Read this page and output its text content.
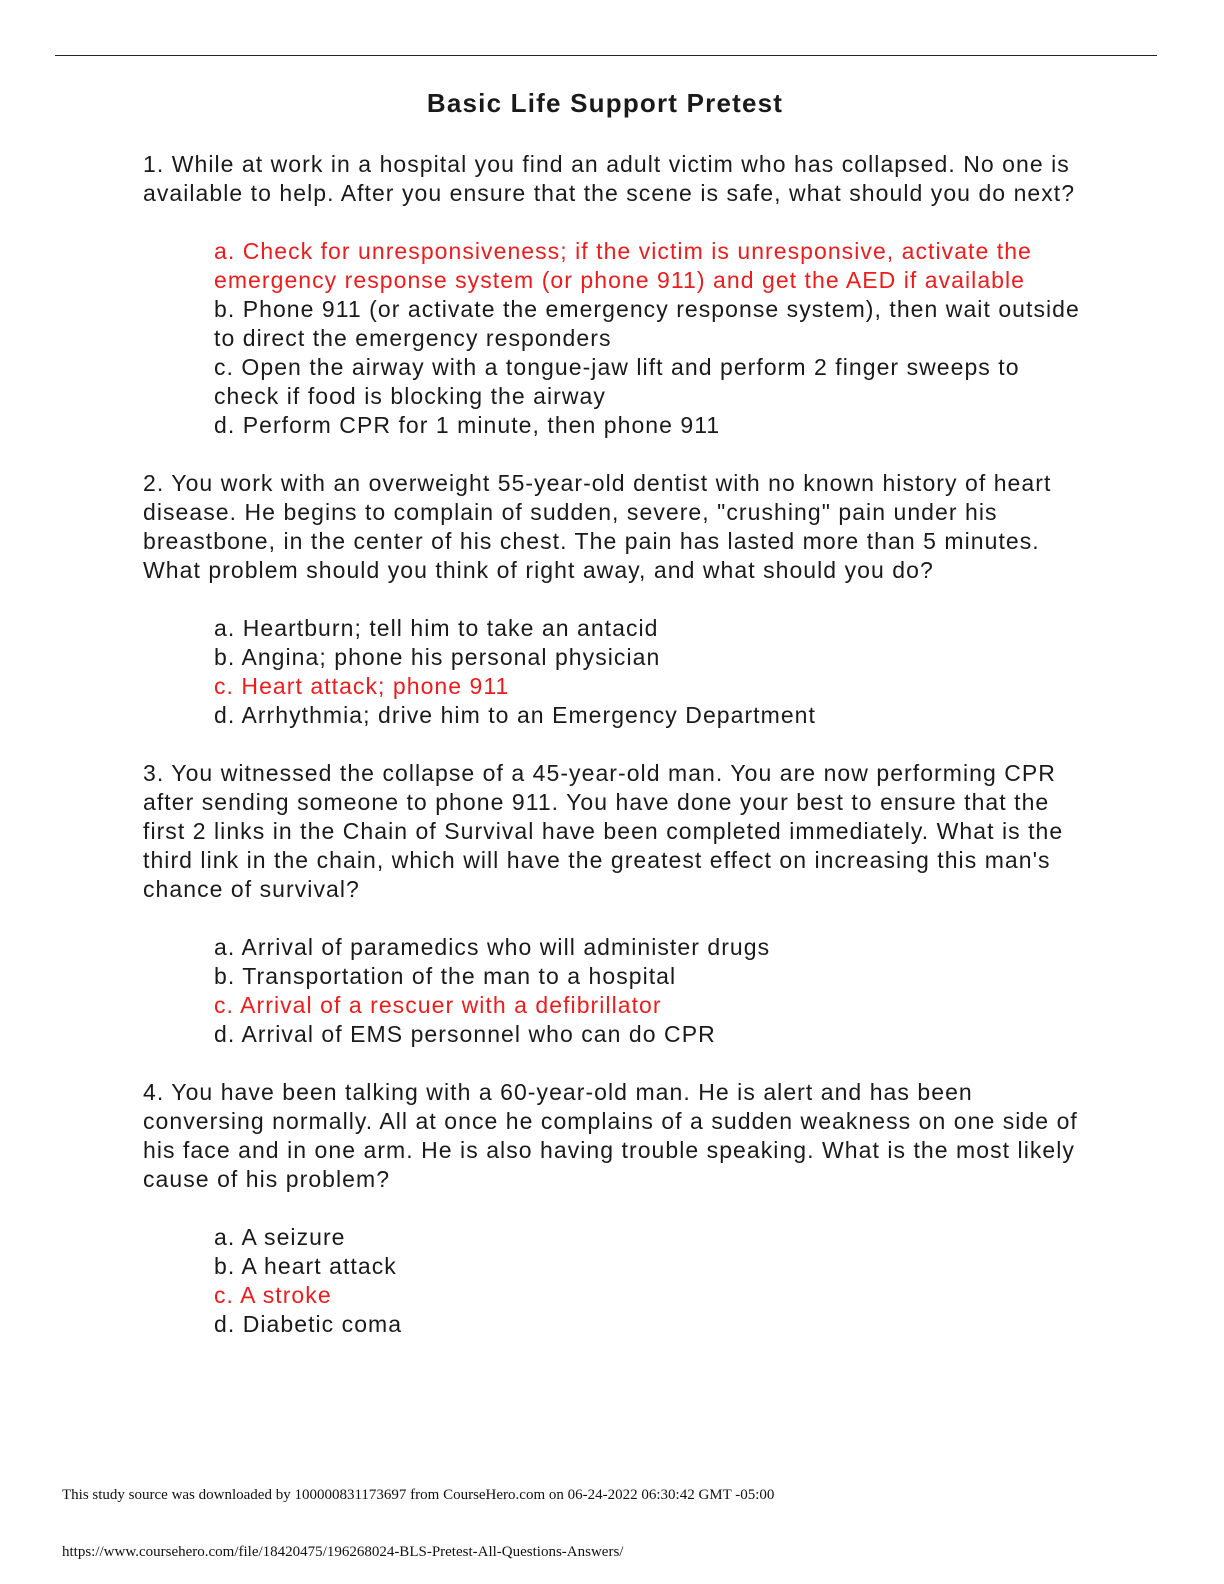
Basic Life Support Pretest

1. While at work in a hospital you find an adult victim who has collapsed. No one is available to help. After you ensure that the scene is safe, what should you do next?

a. Check for unresponsiveness; if the victim is unresponsive, activate the emergency response system (or phone 911) and get the AED if available

b. Phone 911 (or activate the emergency response system), then wait outside to direct the emergency responders

c. Open the airway with a tongue-jaw lift and perform 2 finger sweeps to check if food is blocking the airway

d. Perform CPR for 1 minute, then phone 911

2. You work with an overweight 55-year-old dentist with no known history of heart disease. He begins to complain of sudden, severe, "crushing" pain under his breastbone, in the center of his chest. The pain has lasted more than 5 minutes. What problem should you think of right away, and what should you do?

a. Heartburn; tell him to take an antacid

b. Angina; phone his personal physician

c. Heart attack; phone 911

d. Arrhythmia; drive him to an Emergency Department

3. You witnessed the collapse of a 45-year-old man. You are now performing CPR after sending someone to phone 911. You have done your best to ensure that the first 2 links in the Chain of Survival have been completed immediately. What is the third link in the chain, which will have the greatest effect on increasing this man's chance of survival?

a. Arrival of paramedics who will administer drugs

b. Transportation of the man to a hospital

c. Arrival of a rescuer with a defibrillator

d. Arrival of EMS personnel who can do CPR

4. You have been talking with a 60-year-old man. He is alert and has been conversing normally. All at once he complains of a sudden weakness on one side of his face and in one arm. He is also having trouble speaking. What is the most likely cause of his problem?

a. A seizure

b. A heart attack

c. A stroke

d. Diabetic coma

This study source was downloaded by 100000831173697 from CourseHero.com on 06-24-2022 06:30:42 GMT -05:00
https://www.coursehero.com/file/18420475/196268024-BLS-Pretest-All-Questions-Answers/
